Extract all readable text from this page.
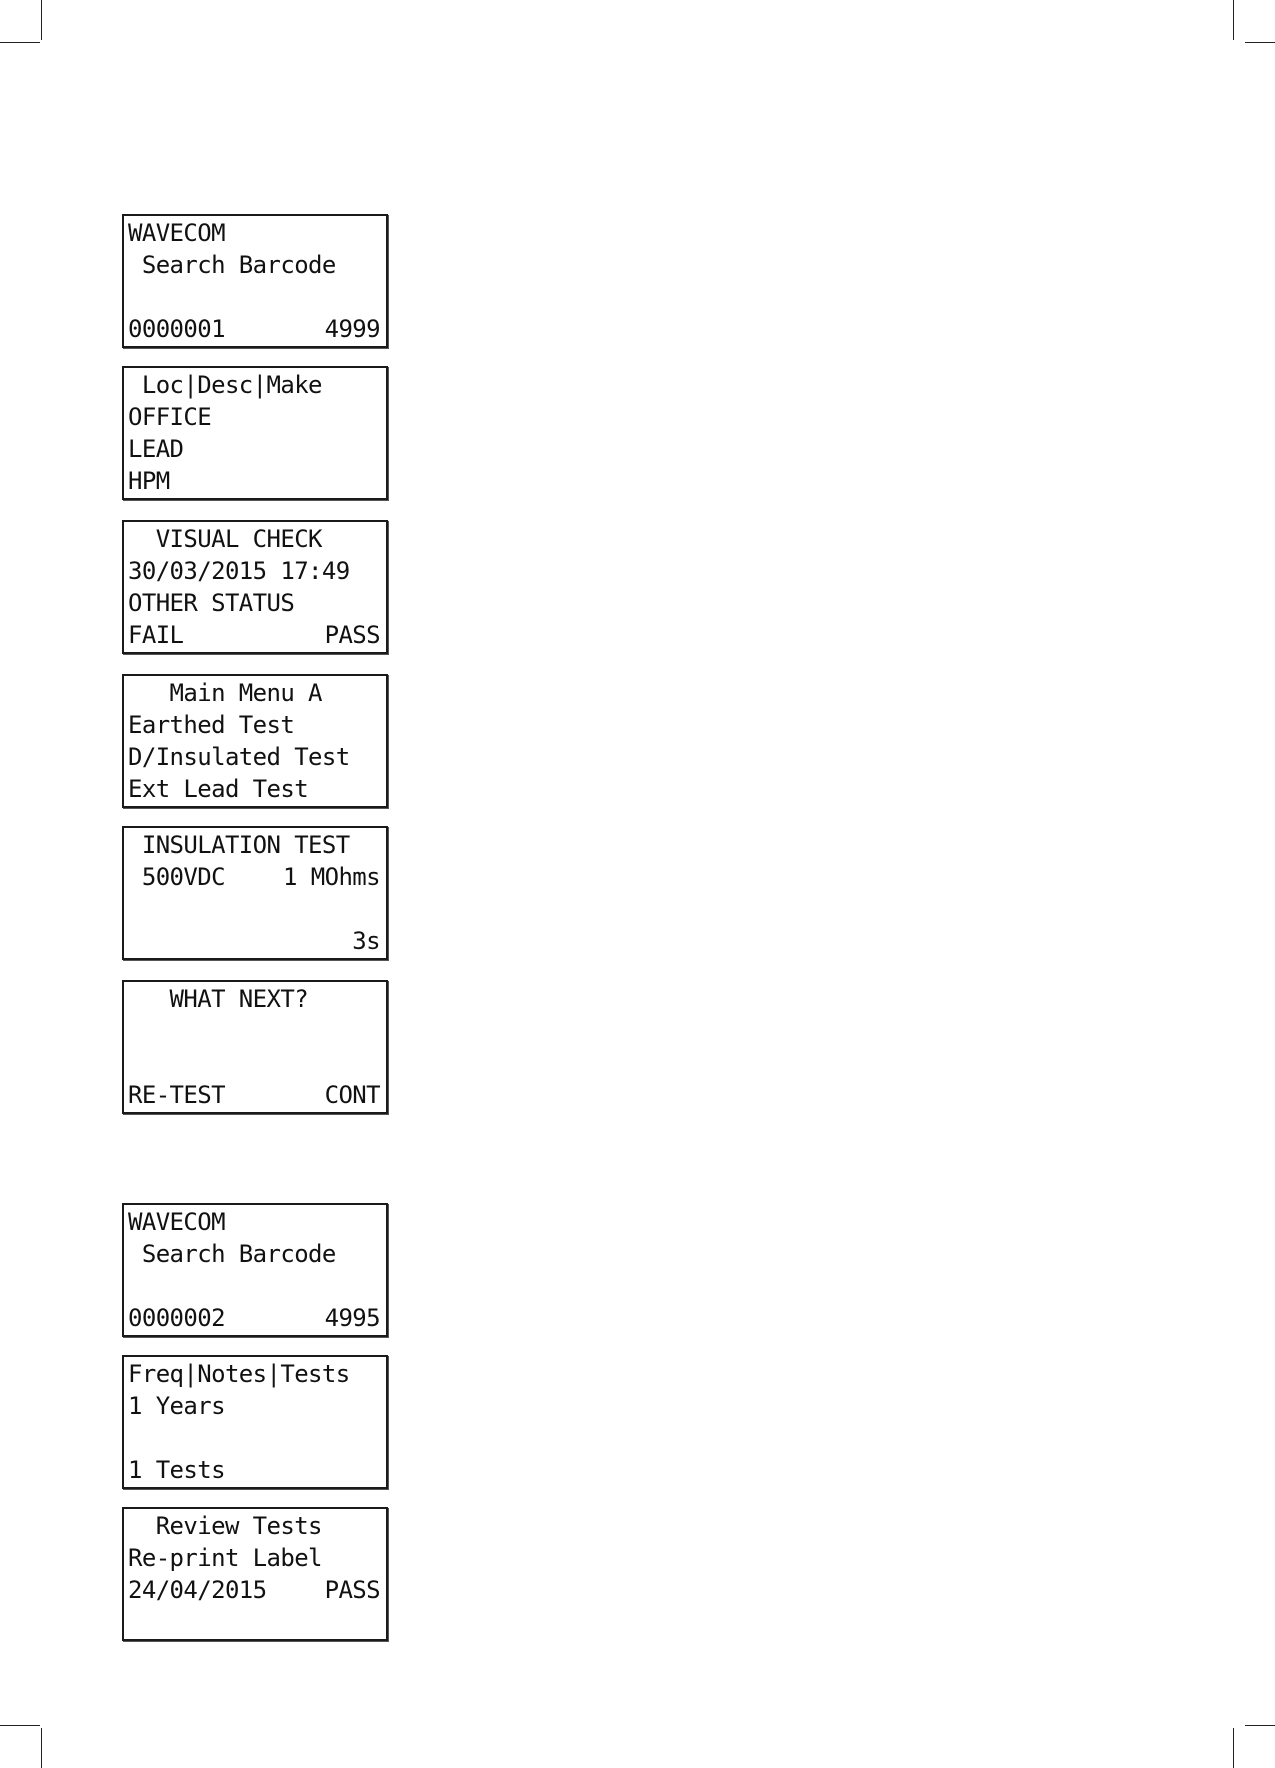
WAVECOM
Search Barcode
0000001	4999
Loc|Desc|Make
OFFICE
LEAD
HPM
VISUAL CHECK
30/03/2015 17:49
OTHER STATUS
FAIL	PASS
Main Menu A
Earthed Test
D/Insulated Test
Ext Lead Test
INSULATION TEST
500VDC 1 MOhms
3s
WHAT NEXT?
RE-TEST	CONT
WAVECOM
Search Barcode
0000002	4995
Freq|Notes|Tests
1 Years
1 Tests
Review Tests
Re-print Label
24/04/2015 PASS
